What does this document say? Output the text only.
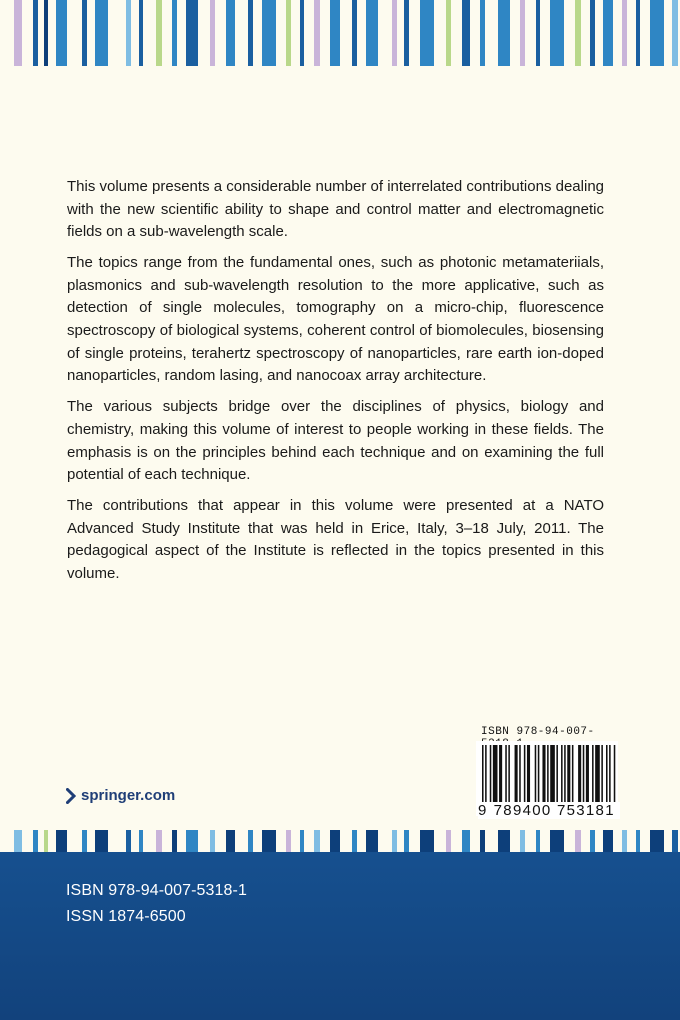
This volume presents a considerable number of interrelated contributions dealing with the new scientific ability to shape and control matter and electromagnetic fields on a sub-wavelength scale.

The topics range from the fundamental ones, such as photonic metamateriials, plasmonics and sub-wavelength resolution to the more applicative, such as detection of single molecules, tomography on a micro-chip, fluorescence spectroscopy of biological systems, coherent control of biomolecules, biosensing of single proteins, terahertz spectroscopy of nanoparticles, rare earth ion-doped nanoparticles, random lasing, and nanocoax array architecture.

The various subjects bridge over the disciplines of physics, biology and chemistry, making this volume of interest to people working in these fields. The emphasis is on the principles behind each technique and on examining the full potential of each technique.

The contributions that appear in this volume were presented at a NATO Advanced Study Institute that was held in Erice, Italy, 3–18 July, 2011. The pedagogical aspect of the Institute is reflected in the topics presented in this volume.

ISBN 978-94-007-
9 789400 753181
springer.com
ISBN 978-94-007-5318-1
ISSN 1874-6500
